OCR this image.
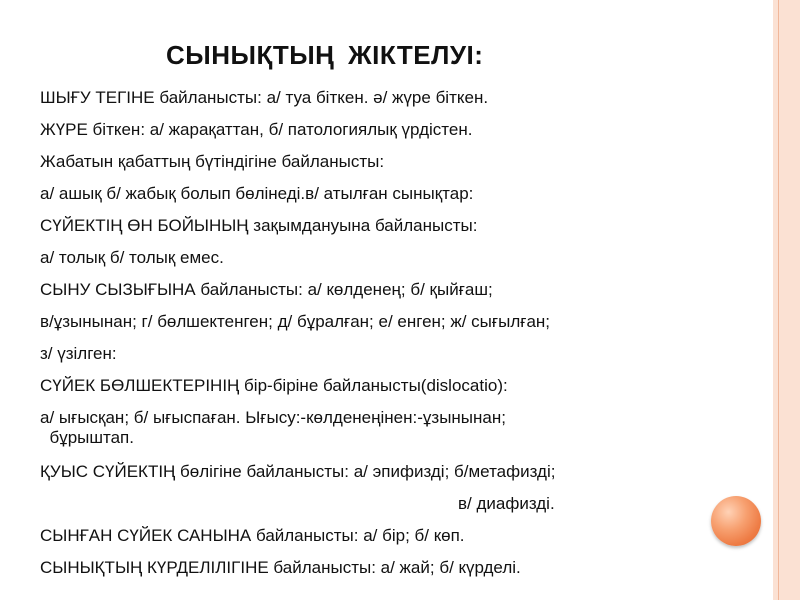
СЫНЫҚТЫҢ ЖІКТЕЛУІ:
ШЫҒУ ТЕГІНЕ байланысты: а/ туа біткен. ә/ жүре біткен.
ЖҮРЕ біткен: а/ жарақаттан, б/ патологиялық үрдістен.
Жабатын қабаттың бүтіндігіне байланысты:
а/ ашық б/ жабық болып бөлінеді.в/ атылған сынықтар:
СҮЙЕКТІҢ ӨН БОЙЫНЫҢ зақымдануына байланысты:
а/ толық б/ толық емес.
СЫНУ СЫЗЫҒЫНА байланысты: а/ көлденең; б/ қыйғаш;
в/ұзынынан; г/ бөлшектенген; д/ бұралған; е/ енген; ж/ сығылған;
з/ үзілген:
СҮЙЕК БӨЛШЕКТЕРІНІҢ бір-біріне байланысты(dislocatio):
а/ ығысқан; б/ ығыспаған. Ығысу:-көлденеңінен:-ұзынынан;
бұрыштап.
ҚУЫС СҮЙЕКТІҢ бөлігіне байланысты: а/ эпифизді; б/метафизді;
в/ диафизді.
СЫНҒАН СҮЙЕК САНЫНА байланысты: а/ бір; б/ көп.
СЫНЫҚТЫҢ КҮРДЕЛІЛІГІНЕ байланысты: а/ жай; б/ күрделі.
